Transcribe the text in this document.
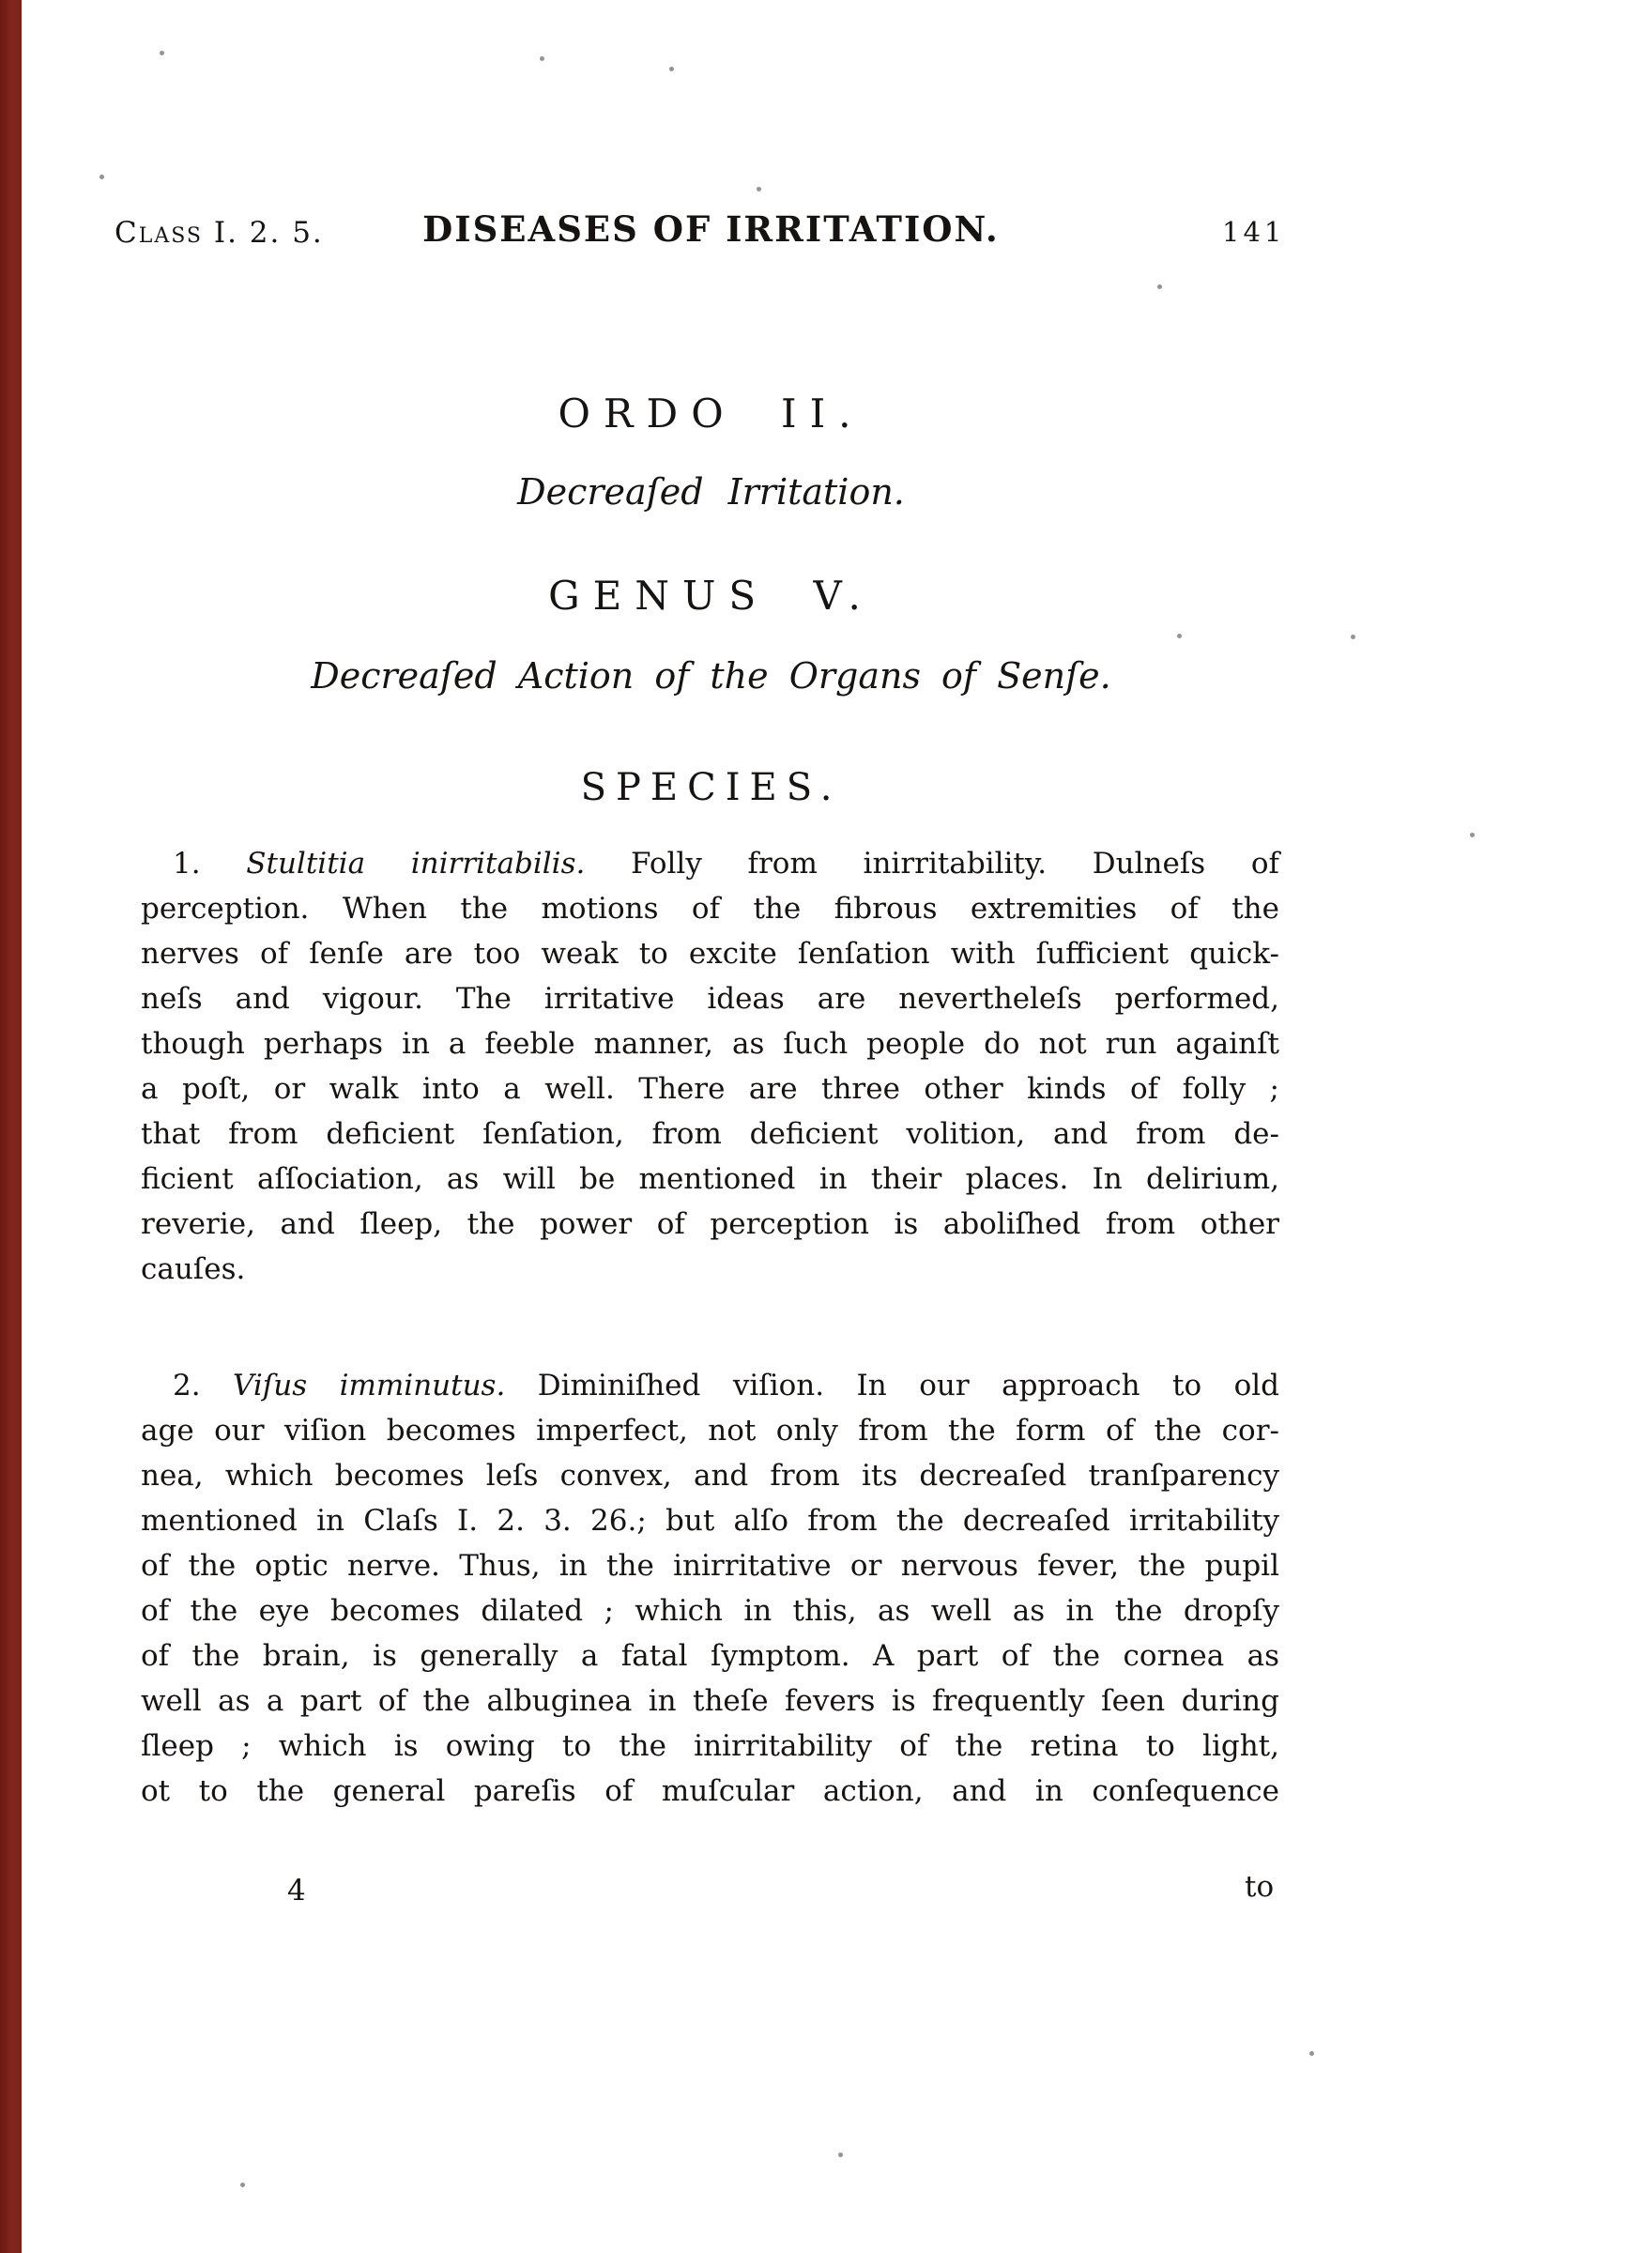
Class I. 2. 5.	DISEASES OF IRRITATION.	141
ORDO II.
Decreaſed Irritation.
GENUS V.
Decreaſed Action of the Organs of Senſe.
SPECIES.
1. Stultitia inirritabilis. Folly from inirritability. Dulneſs of
perception. When the motions of the fibrous extremities of the
nerves of ſenſe are too weak to excite ſenſation with ſufficient quick-
neſs and vigour. The irritative ideas are nevertheleſs performed,
though perhaps in a feeble manner, as ſuch people do not run againſt
a poſt, or walk into a well. There are three other kinds of folly ;
that from deficient ſenſation, from deficient volition, and from de-
ficient aſſociation, as will be mentioned in their places. In delirium,
reverie, and ſleep, the power of perception is aboliſhed from other
cauſes.
2. Viſus imminutus. Diminiſhed viſion. In our approach to old
age our viſion becomes imperfect, not only from the form of the cor-
nea, which becomes leſs convex, and from its decreaſed tranſparency
mentioned in Claſs I. 2. 3. 26.; but alſo from the decreaſed irritability
of the optic nerve. Thus, in the inirritative or nervous fever, the pupil
of the eye becomes dilated ; which in this, as well as in the dropſy
of the brain, is generally a fatal ſymptom. A part of the cornea as
well as a part of the albuginea in theſe fevers is frequently ſeen during
ſleep ; which is owing to the inirritability of the retina to light,
ot to the general pareſis of muſcular action, and in conſequence
4	to
